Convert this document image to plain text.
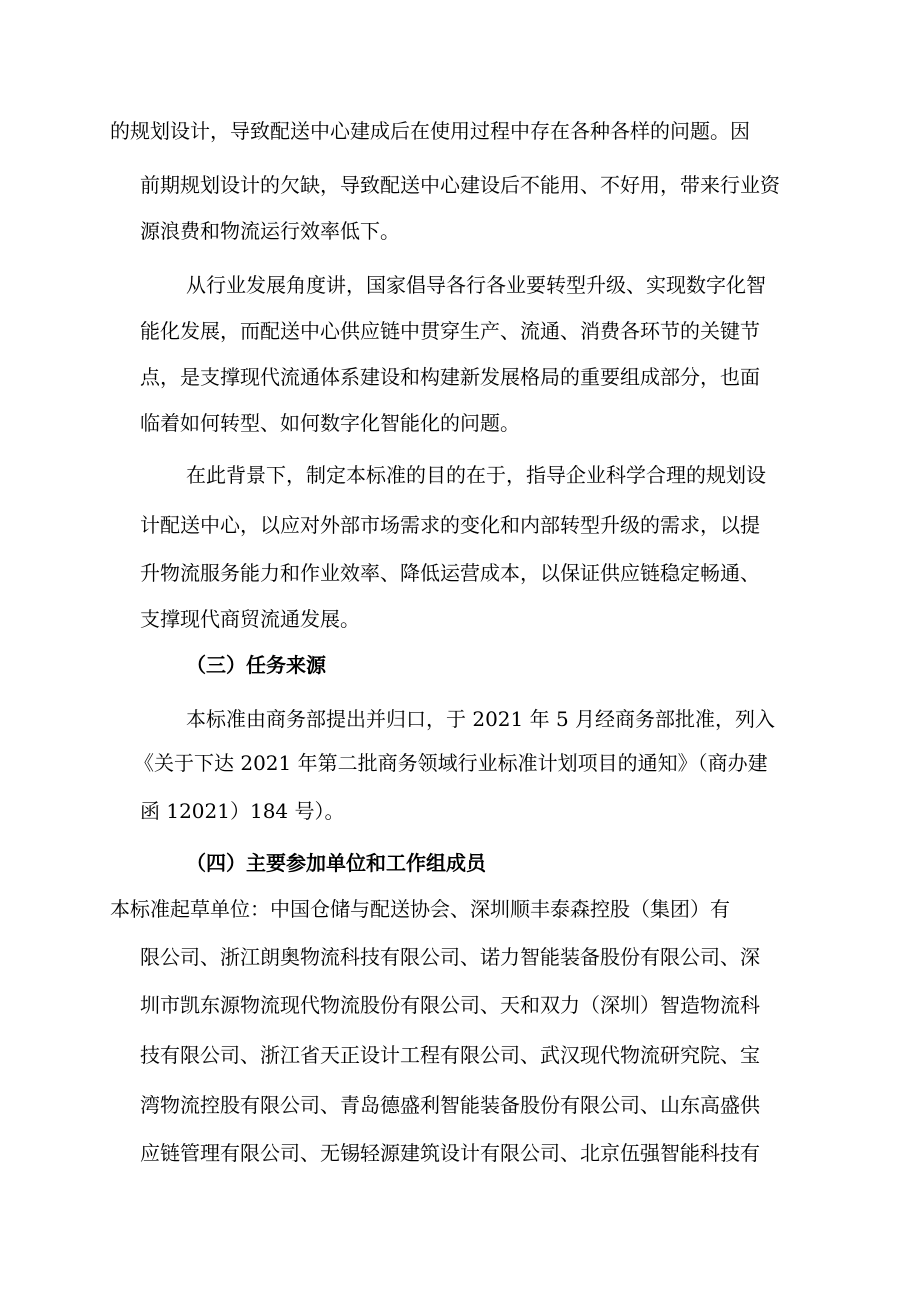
的规划设计，导致配送中心建成后在使用过程中存在各种各样的问题。因
前期规划设计的欠缺，导致配送中心建设后不能用、不好用，带来行业资
源浪费和物流运行效率低下。
从行业发展角度讲，国家倡导各行各业要转型升级、实现数字化智
能化发展，而配送中心供应链中贯穿生产、流通、消费各环节的关键节
点，是支撑现代流通体系建设和构建新发展格局的重要组成部分，也面
临着如何转型、如何数字化智能化的问题。
在此背景下，制定本标准的目的在于，指导企业科学合理的规划设
计配送中心，以应对外部市场需求的变化和内部转型升级的需求，以提
升物流服务能力和作业效率、降低运营成本，以保证供应链稳定畅通、
支撑现代商贸流通发展。
（三）任务来源
本标准由商务部提出并归口，于 2021 年 5 月经商务部批准，列入
《关于下达 2021 年第二批商务领域行业标准计划项目的通知》（商办建
函 12021）184 号）。
（四）主要参加单位和工作组成员
本标准起草单位：中国仓储与配送协会、深圳顺丰泰森控股（集团）有
限公司、浙江朗奥物流科技有限公司、诺力智能装备股份有限公司、深
圳市凯东源物流现代物流股份有限公司、天和双力（深圳）智造物流科
技有限公司、浙江省天正设计工程有限公司、武汉现代物流研究院、宝
湾物流控股有限公司、青岛德盛利智能装备股份有限公司、山东高盛供
应链管理有限公司、无锡轻源建筑设计有限公司、北京伍强智能科技有
